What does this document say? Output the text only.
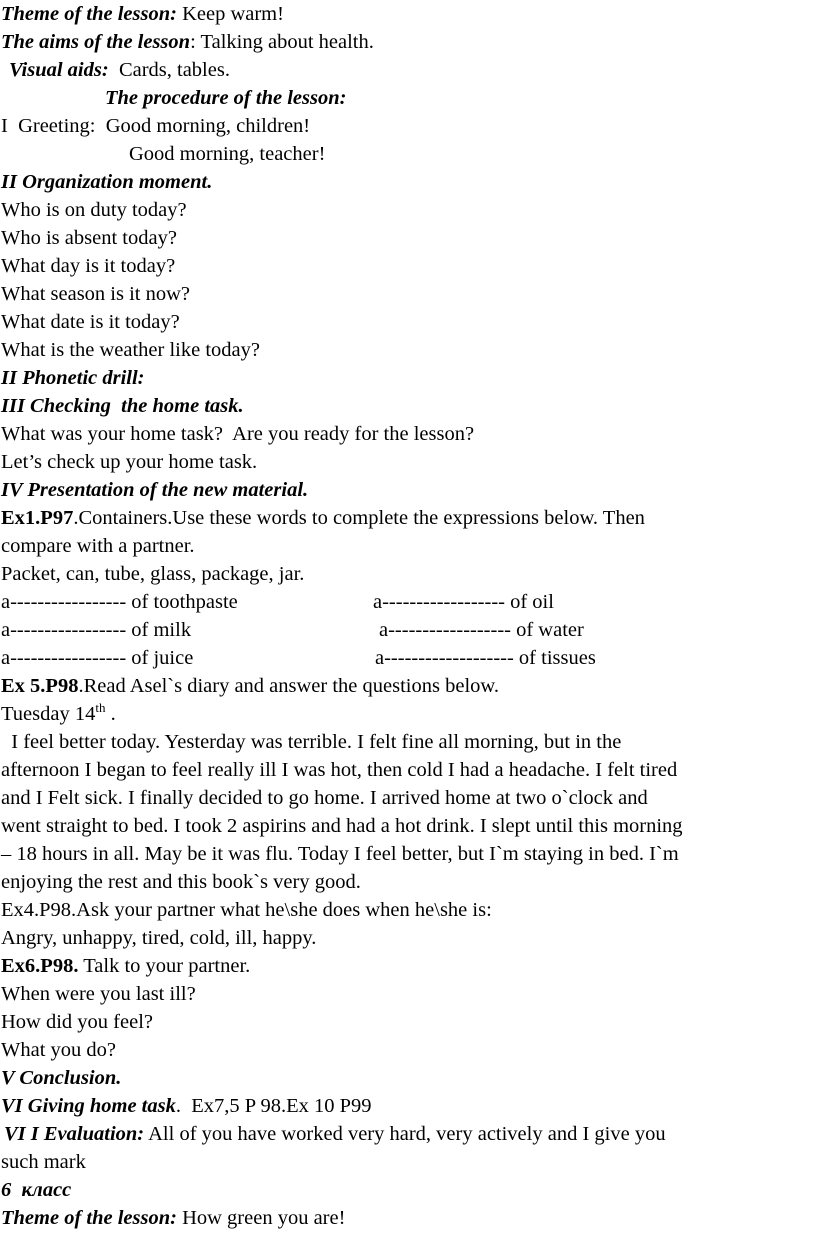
Theme of the lesson: Keep warm!
The aims of the lesson: Talking about health.
Visual aids:  Cards, tables.
The procedure of the lesson:
I  Greeting:  Good morning, children!
Good morning, teacher!
II Organization moment.
Who is on duty today?
Who is absent today?
What day is it today?
What season is it now?
What date is it today?
What is the weather like today?
II Phonetic drill:
III Checking  the home task.
What was your home task?  Are you ready for the lesson?
Let’s check up your home task.
IV Presentation of the new material.
Ex1.P97.Containers.Use these words to complete the expressions below. Then
compare with a partner.
Packet, can, tube, glass, package, jar.
a----------------- of toothpaste	a------------------ of oil
a----------------- of milk	a------------------ of water
a----------------- of juice	a------------------- of tissues
Ex 5.P98.Read Asel`s diary and answer the questions below.
Tuesday 14th .
I feel better today. Yesterday was terrible. I felt fine all morning, but in the
afternoon I began to feel really ill I was hot, then cold I had a headache. I felt tired
and I Felt sick. I finally decided to go home. I arrived home at two o`clock and
went straight to bed. I took 2 aspirins and had a hot drink. I slept until this morning
– 18 hours in all. May be it was flu. Today I feel better, but I`m staying in bed. I`m
enjoying the rest and this book`s very good.
Ex4.P98.Ask your partner what he\she does when he\she is:
Angry, unhappy, tired, cold, ill, happy.
Ex6.P98. Talk to your partner.
When were you last ill?
How did you feel?
What you do?
V Conclusion.
VI Giving home task.  Ex7,5 P 98.Ex 10 P99
VI I Evaluation: All of you have worked very hard, very actively and I give you
such mark
6  класс
Theme of the lesson: How green you are!
